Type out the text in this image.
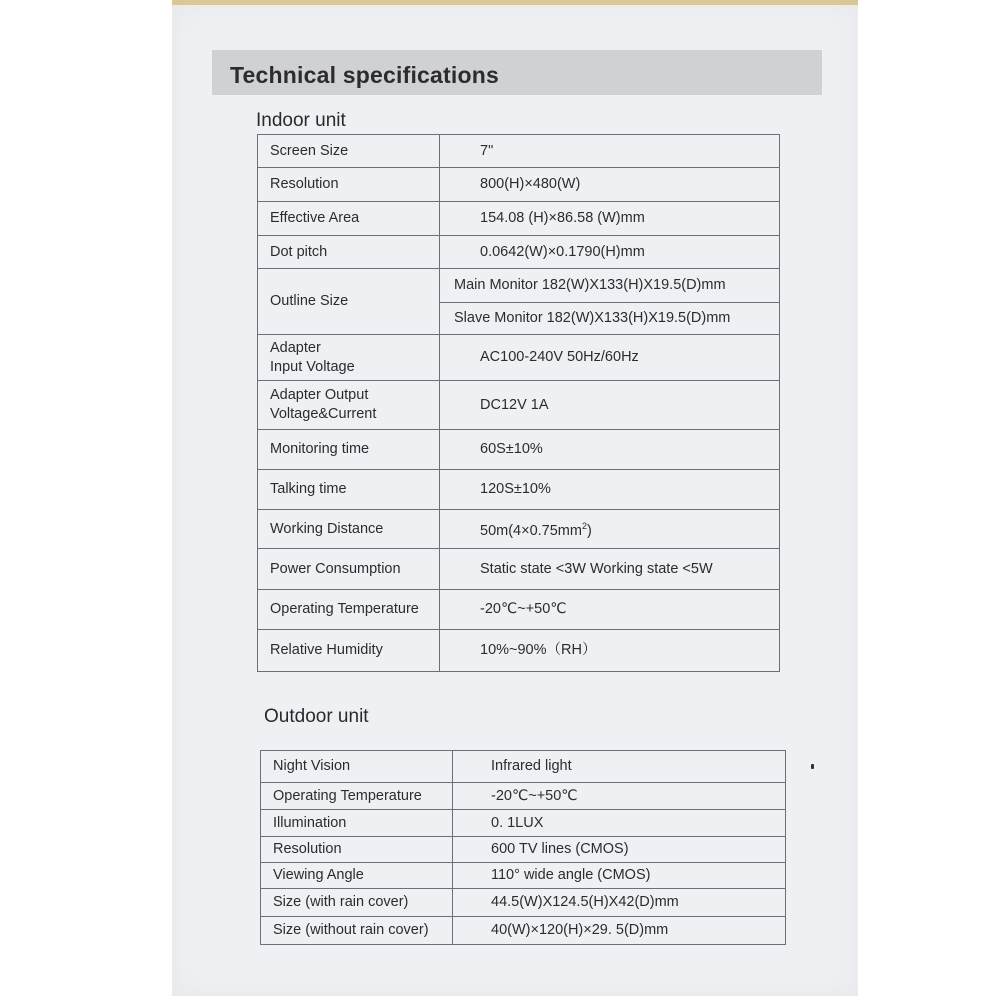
Technical specifications
Indoor unit
Screen Size	7"
Resolution	800(H)×480(W)
Effective Area	154.08 (H)×86.58 (W)mm
Dot pitch	0.0642(W)×0.1790(H)mm
Outline Size	Main Monitor 182(W)X133(H)X19.5(D)mm
	Slave Monitor 182(W)X133(H)X19.5(D)mm

Adapter
Input Voltage	AC100-240V 50Hz/60Hz

Adapter Output
Voltage&Current	DC12V 1A
Monitoring time	60S±10%
Talking time	120S±10%
Working Distance	$50m(4\times 0.75mm^2)$
Power Consumption	Static state <3W Working state <5W
Operating Temperature	-20℃~+50℃
Relative Humidity	10%~90%（RH）
Outdoor unit
Night Vision	Infrared light
Operating Temperature	-20℃~+50℃
Illumination	0. 1LUX
Resolution	600 TV lines (CMOS)
Viewing Angle	110° wide angle (CMOS)
Size (with rain cover)	44.5(W)X124.5(H)X42(D)mm
Size (without rain cover)	40(W)×120(H)×29. 5(D)mm
